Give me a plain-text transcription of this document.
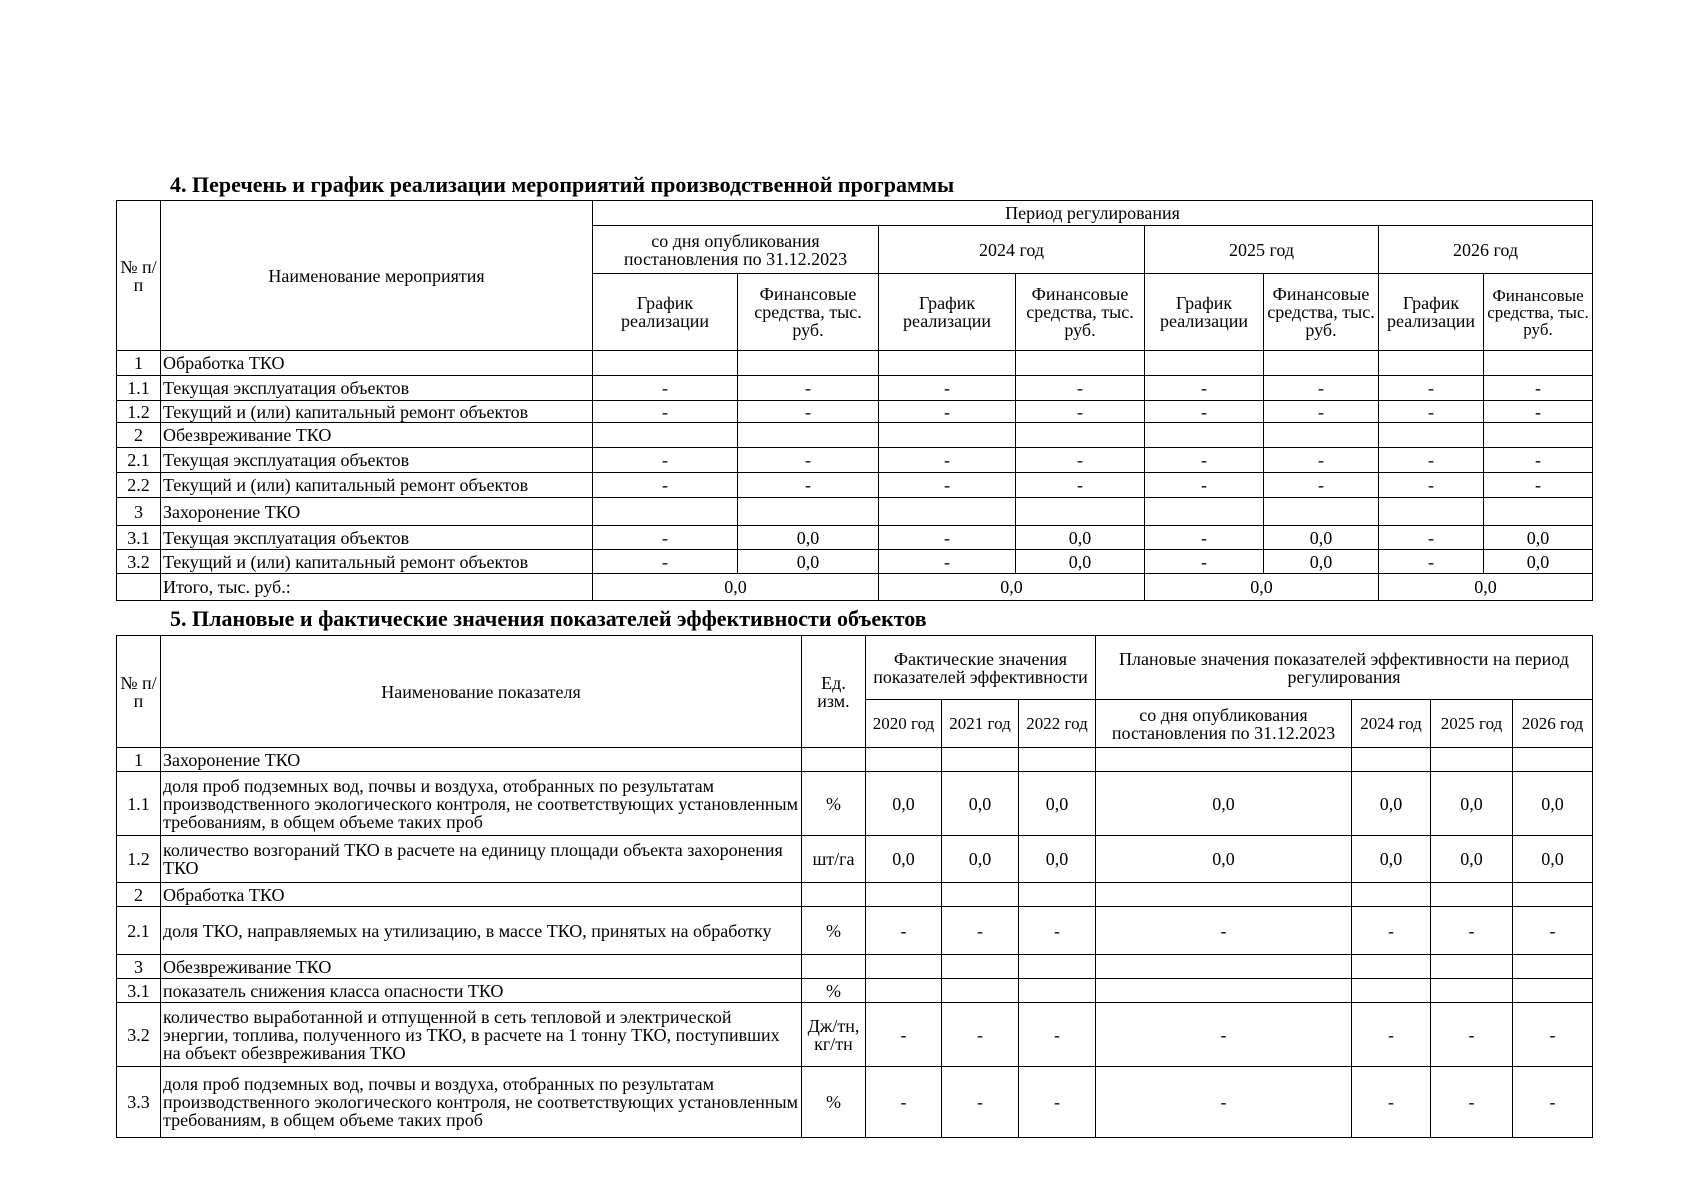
4. Перечень и график реализации мероприятий производственной программы
№ п/п	Наименование мероприятия	Период регулирования							
		со дня опубликования постановления по 31.12.2023		2024 год		2025 год		2026 год	
		График реализации	Финансовые средства, тыс. руб.	График реализации	Финансовые средства, тыс. руб.	График реализации	Финансовые средства, тыс. руб.	График реализации	Финансовые средства, тыс. руб.
1	Обработка ТКО								
1.1	Текущая эксплуатация объектов	-	-	-	-	-	-	-	-
1.2	Текущий и (или) капитальный ремонт объектов	-	-	-	-	-	-	-	-
2	Обезвреживание ТКО								
2.1	Текущая эксплуатация объектов	-	-	-	-	-	-	-	-
2.2	Текущий и (или) капитальный ремонт объектов	-	-	-	-	-	-	-	-
3	Захоронение ТКО								
3.1	Текущая эксплуатация объектов	-	0,0	-	0,0	-	0,0	-	0,0
3.2	Текущий и (или) капитальный ремонт объектов	-	0,0	-	0,0	-	0,0	-	0,0
	Итого, тыс. руб.:	0,0		0,0		0,0		0,0	
5. Плановые и фактические значения показателей эффективности объектов
№ п/п	Наименование показателя	Ед. изм.	Фактические значения показателей эффективности			Плановые значения показателей эффективности на период регулирования			
			2020 год	2021 год	2022 год	со дня опубликования постановления по 31.12.2023	2024 год	2025 год	2026 год
1	Захоронение ТКО								
1.1	доля проб подземных вод, почвы и воздуха, отобранных по результатам производственного экологического контроля, не соответствующих установленным требованиям, в общем объеме таких проб	%	0,0	0,0	0,0	0,0	0,0	0,0	0,0
1.2	количество возгораний ТКО в расчете на единицу площади объекта захоронения ТКО	шт/га	0,0	0,0	0,0	0,0	0,0	0,0	0,0
2	Обработка ТКО								
2.1	доля ТКО, направляемых на утилизацию, в массе ТКО, принятых на обработку	%	-	-	-	-	-	-	-
3	Обезвреживание ТКО								
3.1	показатель снижения класса опасности ТКО	%							
3.2	количество выработанной и отпущенной в сеть тепловой и электрической энергии, топлива, полученного из ТКО, в расчете на 1 тонну ТКО, поступивших на объект обезвреживания ТКО	Дж/тн, кг/тн	-	-	-	-	-	-	-
3.3	доля проб подземных вод, почвы и воздуха, отобранных по результатам производственного экологического контроля, не соответствующих установленным требованиям, в общем объеме таких проб	%	-	-	-	-	-	-	-
